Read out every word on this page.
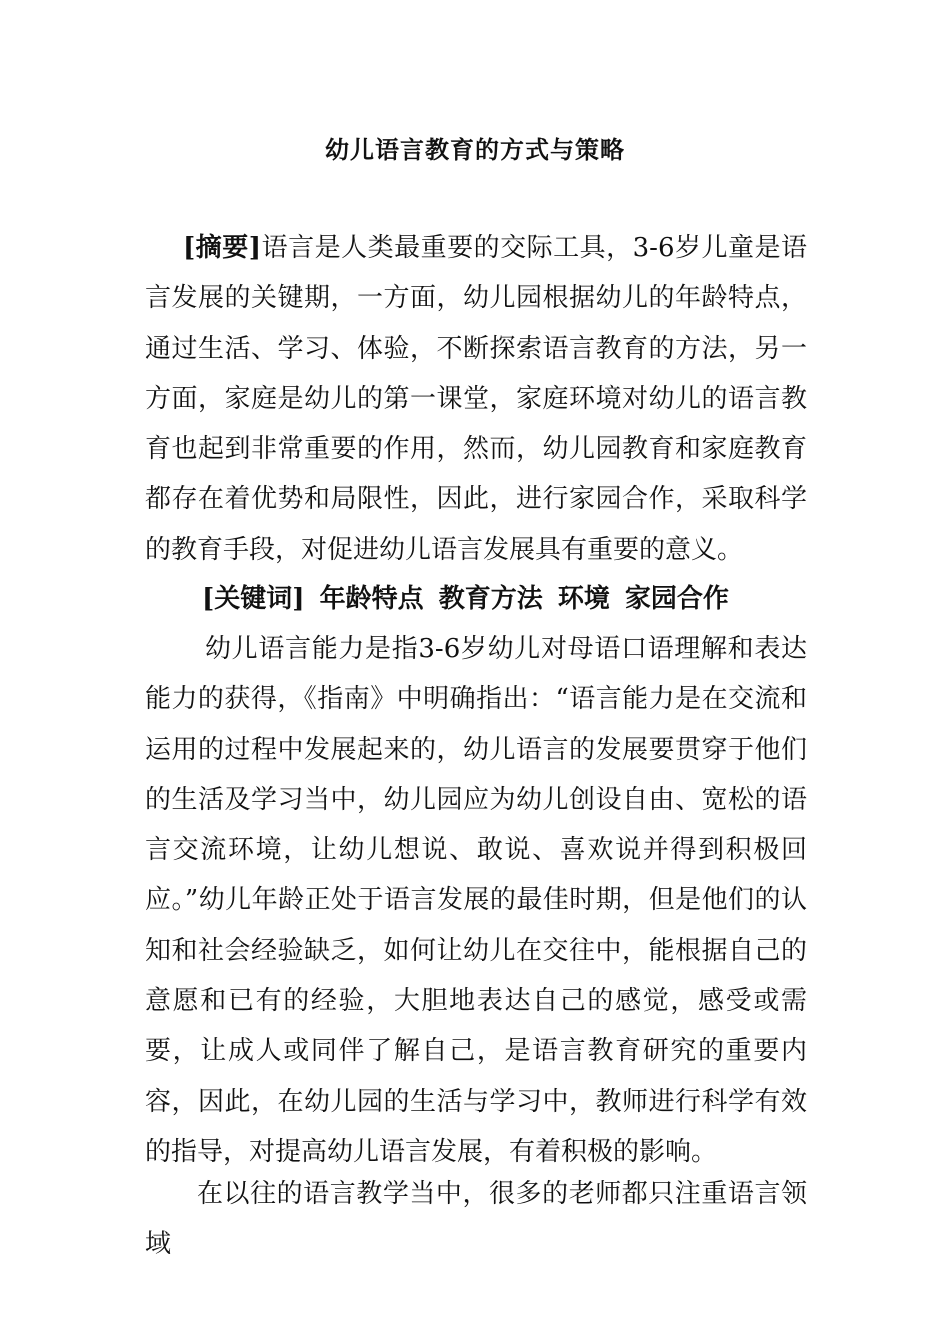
幼儿语言教育的方式与策略

[摘要]语言是人类最重要的交际工具，3-6岁儿童是语言发展的关键期，一方面，幼儿园根据幼儿的年龄特点，通过生活、学习、体验，不断探索语言教育的方法，另一方面，家庭是幼儿的第一课堂，家庭环境对幼儿的语言教育也起到非常重要的作用，然而，幼儿园教育和家庭教育都存在着优势和局限性，因此，进行家园合作，采取科学的教育手段，对促进幼儿语言发展具有重要的意义。

[关键词] 年龄特点 教育方法 环境 家园合作

幼儿语言能力是指3-6岁幼儿对母语口语理解和表达能力的获得，《指南》中明确指出：“语言能力是在交流和运用的过程中发展起来的，幼儿语言的发展要贯穿于他们的生活及学习当中，幼儿园应为幼儿创设自由、宽松的语言交流环境，让幼儿想说、敢说、喜欢说并得到积极回应。”幼儿年龄正处于语言发展的最佳时期，但是他们的认知和社会经验缺乏，如何让幼儿在交往中，能根据自己的意愿和已有的经验，大胆地表达自己的感觉，感受或需要，让成人或同伴了解自己，是语言教育研究的重要内容，因此，在幼儿园的生活与学习中，教师进行科学有效的指导，对提高幼儿语言发展，有着积极的影响。

在以往的语言教学当中，很多的老师都只注重语言领域
